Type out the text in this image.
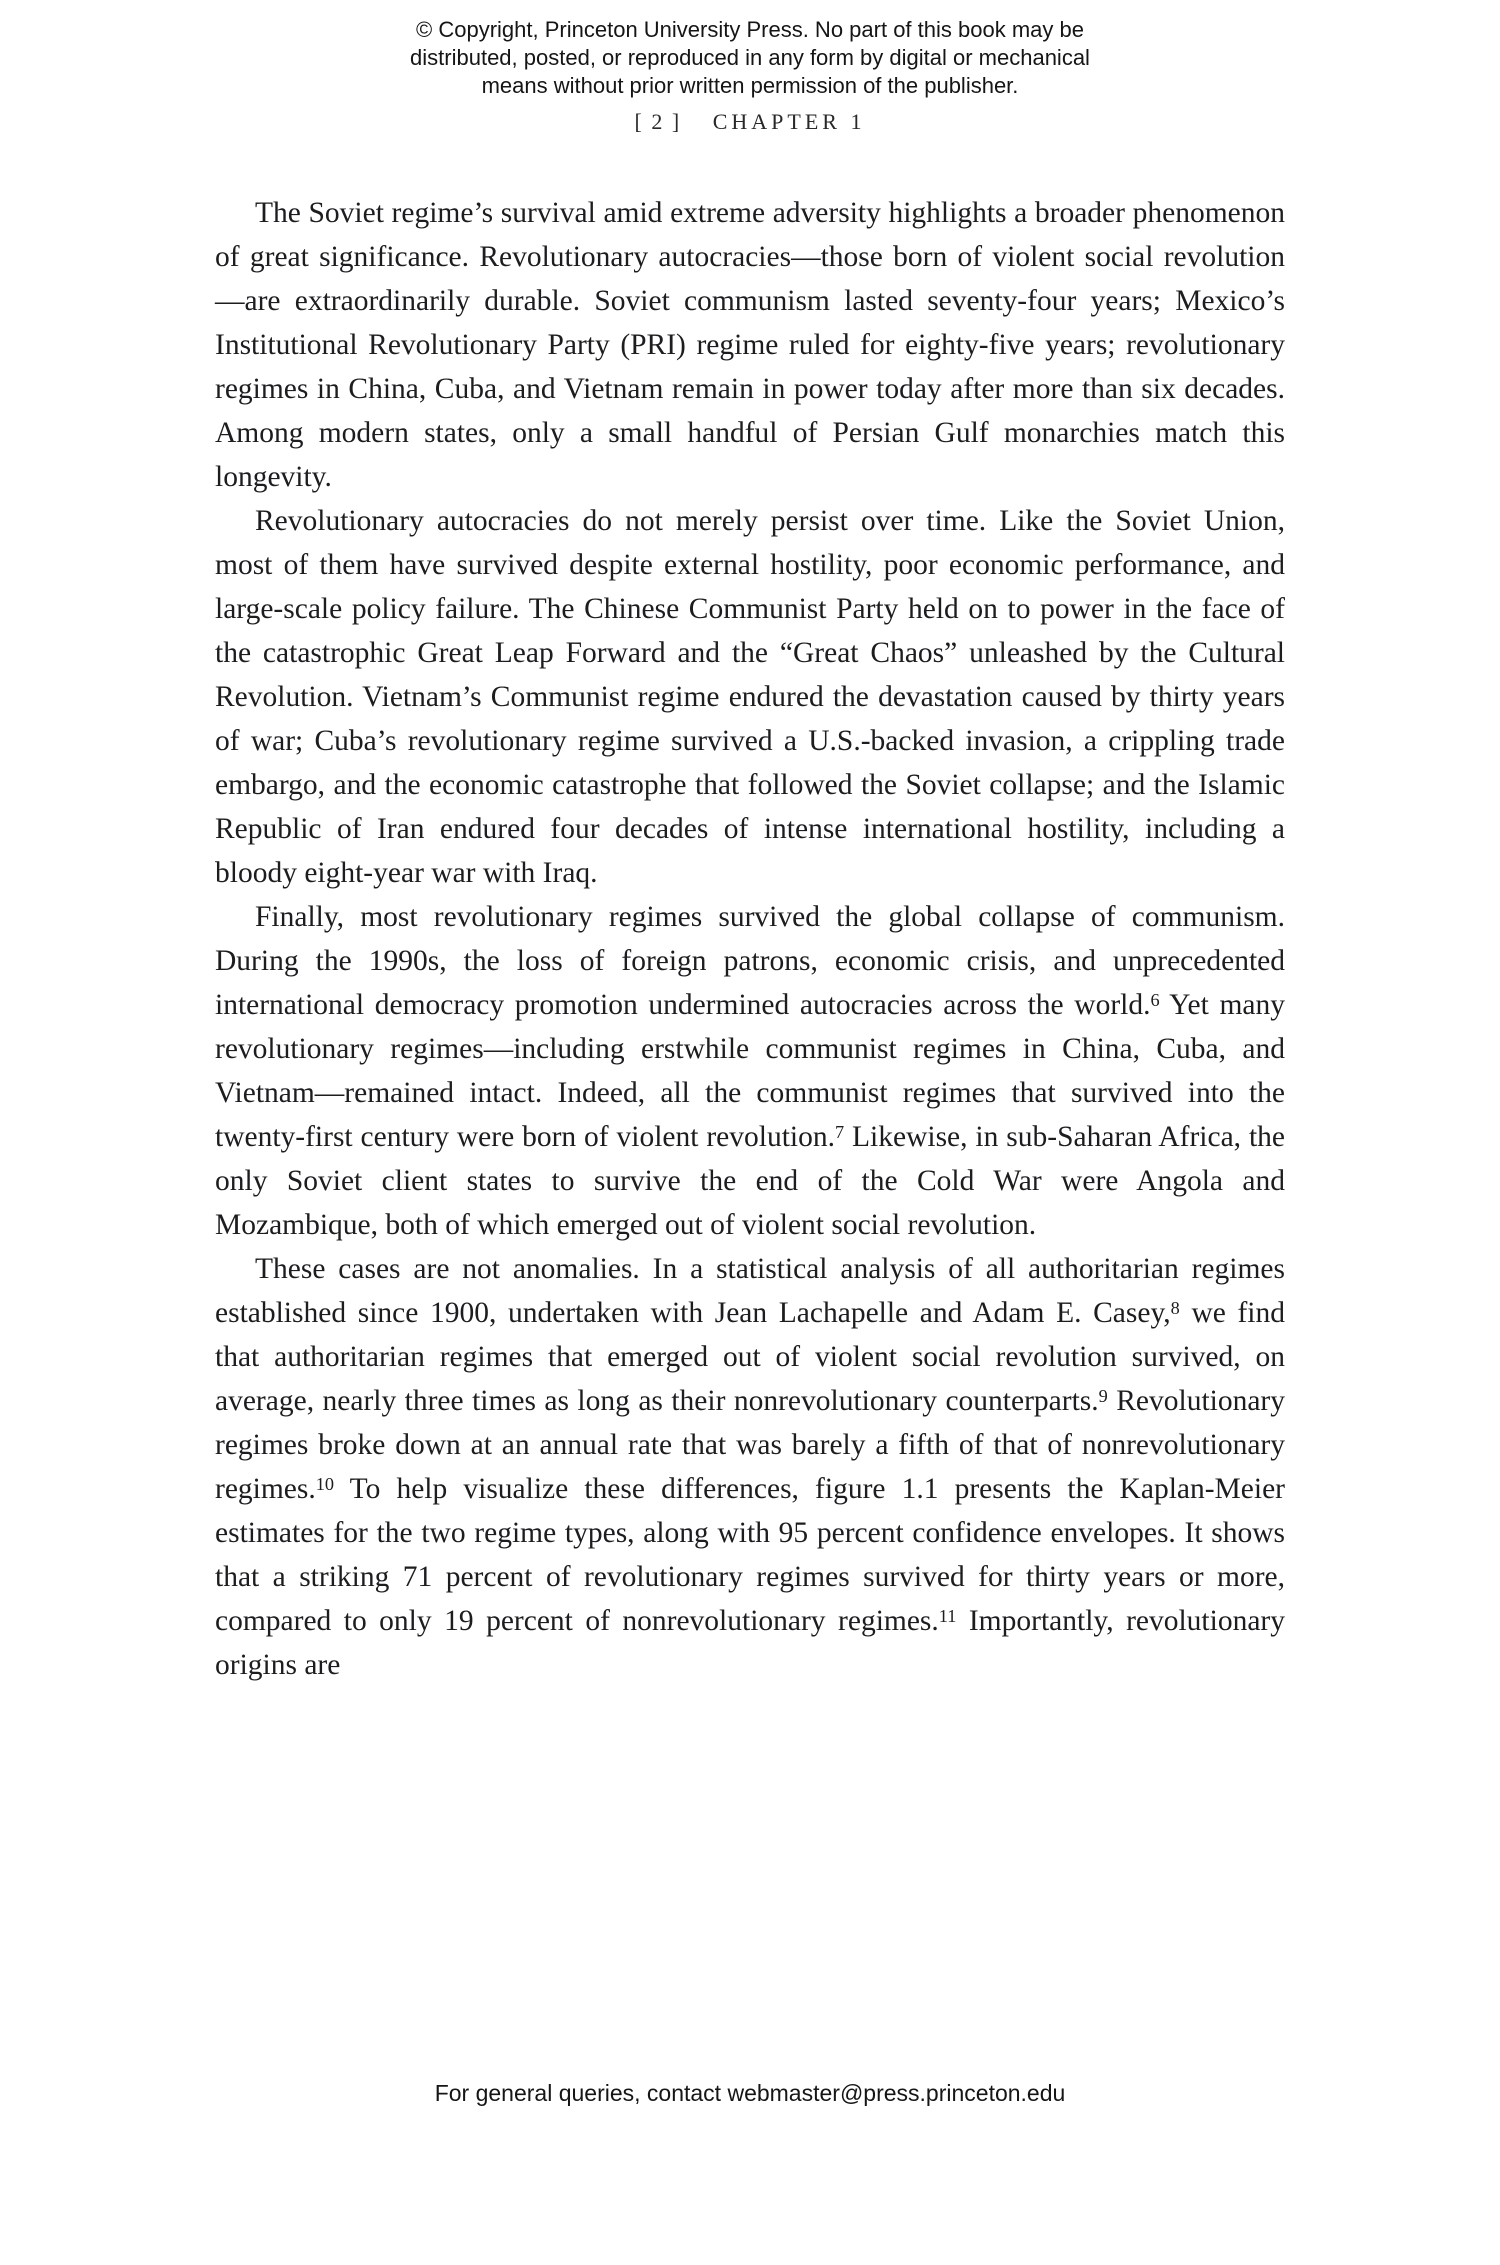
© Copyright, Princeton University Press. No part of this book may be
distributed, posted, or reproduced in any form by digital or mechanical
means without prior written permission of the publisher.
[ 2 ] CHAPTER 1

The Soviet regime’s survival amid extreme adversity highlights a broader phenomenon of great significance. Revolutionary autocracies—those born of violent social revolution—are extraordinarily durable. Soviet communism lasted seventy-four years; Mexico’s Institutional Revolutionary Party (PRI) regime ruled for eighty-five years; revolutionary regimes in China, Cuba, and Vietnam remain in power today after more than six decades. Among modern states, only a small handful of Persian Gulf monarchies match this longevity.

Revolutionary autocracies do not merely persist over time. Like the Soviet Union, most of them have survived despite external hostility, poor economic performance, and large-scale policy failure. The Chinese Communist Party held on to power in the face of the catastrophic Great Leap Forward and the “Great Chaos” unleashed by the Cultural Revolution. Vietnam’s Communist regime endured the devastation caused by thirty years of war; Cuba’s revolutionary regime survived a U.S.-backed invasion, a crippling trade embargo, and the economic catastrophe that followed the Soviet collapse; and the Islamic Republic of Iran endured four decades of intense international hostility, including a bloody eight-year war with Iraq.

Finally, most revolutionary regimes survived the global collapse of communism. During the 1990s, the loss of foreign patrons, economic crisis, and unprecedented international democracy promotion undermined autocracies across the world.$^6$ Yet many revolutionary regimes—including erstwhile communist regimes in China, Cuba, and Vietnam—remained intact. Indeed, all the communist regimes that survived into the twenty-first century were born of violent revolution.$^7$ Likewise, in sub-Saharan Africa, the only Soviet client states to survive the end of the Cold War were Angola and Mozambique, both of which emerged out of violent social revolution.

These cases are not anomalies. In a statistical analysis of all authoritarian regimes established since 1900, undertaken with Jean Lachapelle and Adam E. Casey,$^8$ we find that authoritarian regimes that emerged out of violent social revolution survived, on average, nearly three times as long as their nonrevolutionary counterparts.$^9$ Revolutionary regimes broke down at an annual rate that was barely a fifth of that of nonrevolutionary regimes.$^{10}$ To help visualize these differences, figure 1.1 presents the Kaplan-Meier estimates for the two regime types, along with 95 percent confidence envelopes. It shows that a striking 71 percent of revolutionary regimes survived for thirty years or more, compared to only 19 percent of nonrevolutionary regimes.$^{11}$ Importantly, revolutionary origins are

For general queries, contact webmaster@press.princeton.edu
